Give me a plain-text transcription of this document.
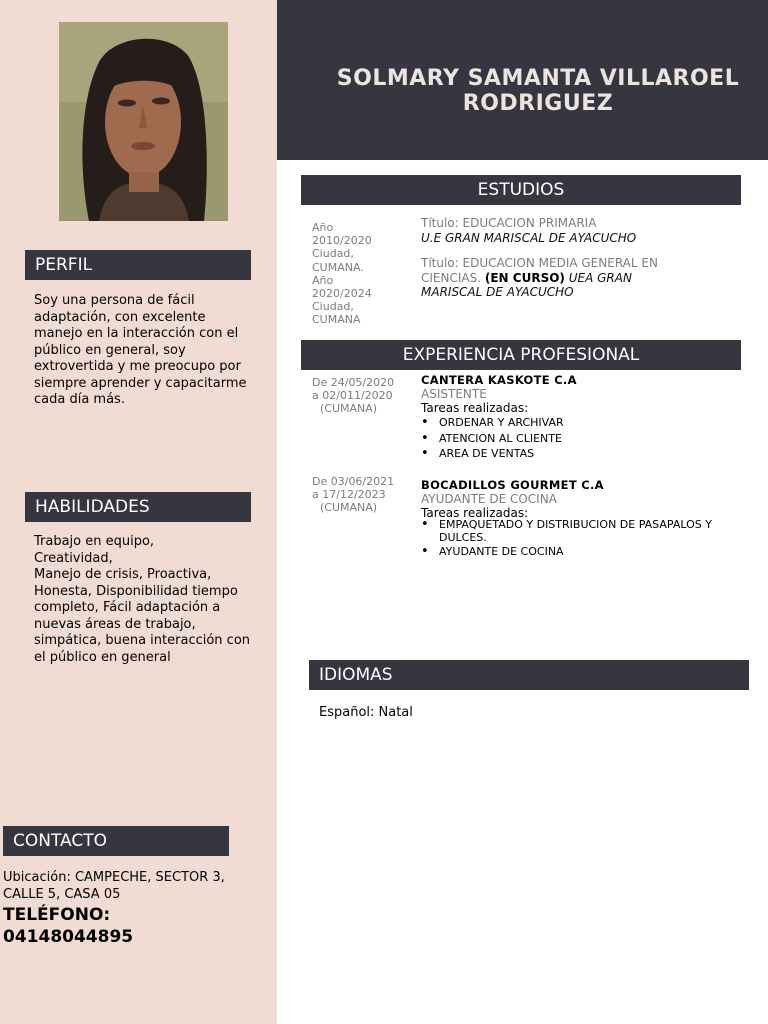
SOLMARY SAMANTA VILLAROEL
RODRIGUEZ
PERFIL
Soy una persona de fácil adaptación, con excelente manejo en la interacción con el público en general, soy extrovertida y me preocupo por siempre aprender y capacitarme cada día más.
HABILIDADES
Trabajo en equipo,
Creatividad,
Manejo de crisis, Proactiva, Honesta, Disponibilidad tiempo completo, Fácil adaptación a nuevas áreas de trabajo, simpática, buena interacción con el público en general
CONTACTO
Ubicación: CAMPECHE, SECTOR 3, CALLE 5, CASA 05
TELÉFONO:
04148044895
ESTUDIOS
Año
2010/2020
Ciudad,
CUMANA.
Año
2020/2024
Ciudad,
CUMANA
Título: EDUCACION PRIMARIA
U.E GRAN MARISCAL DE AYACUCHO
Título: EDUCACION MEDIA GENERAL EN
CIENCIAS. (EN CURSO) UEA GRAN
MARISCAL DE AYACUCHO
EXPERIENCIA PROFESIONAL
De 24/05/2020
a 02/011/2020
(CUMANA)
CANTERA KASKOTE C.A
ASISTENTE
Tareas realizadas:
• ORDENAR Y ARCHIVAR
• ATENCION AL CLIENTE
• AREA DE VENTAS
De 03/06/2021
a 17/12/2023
(CUMANA)
BOCADILLOS GOURMET C.A
AYUDANTE DE COCINA
Tareas realizadas:
• EMPAQUETADO Y DISTRIBUCION DE PASAPALOS Y DULCES.
• AYUDANTE DE COCINA
IDIOMAS
Español: Natal
